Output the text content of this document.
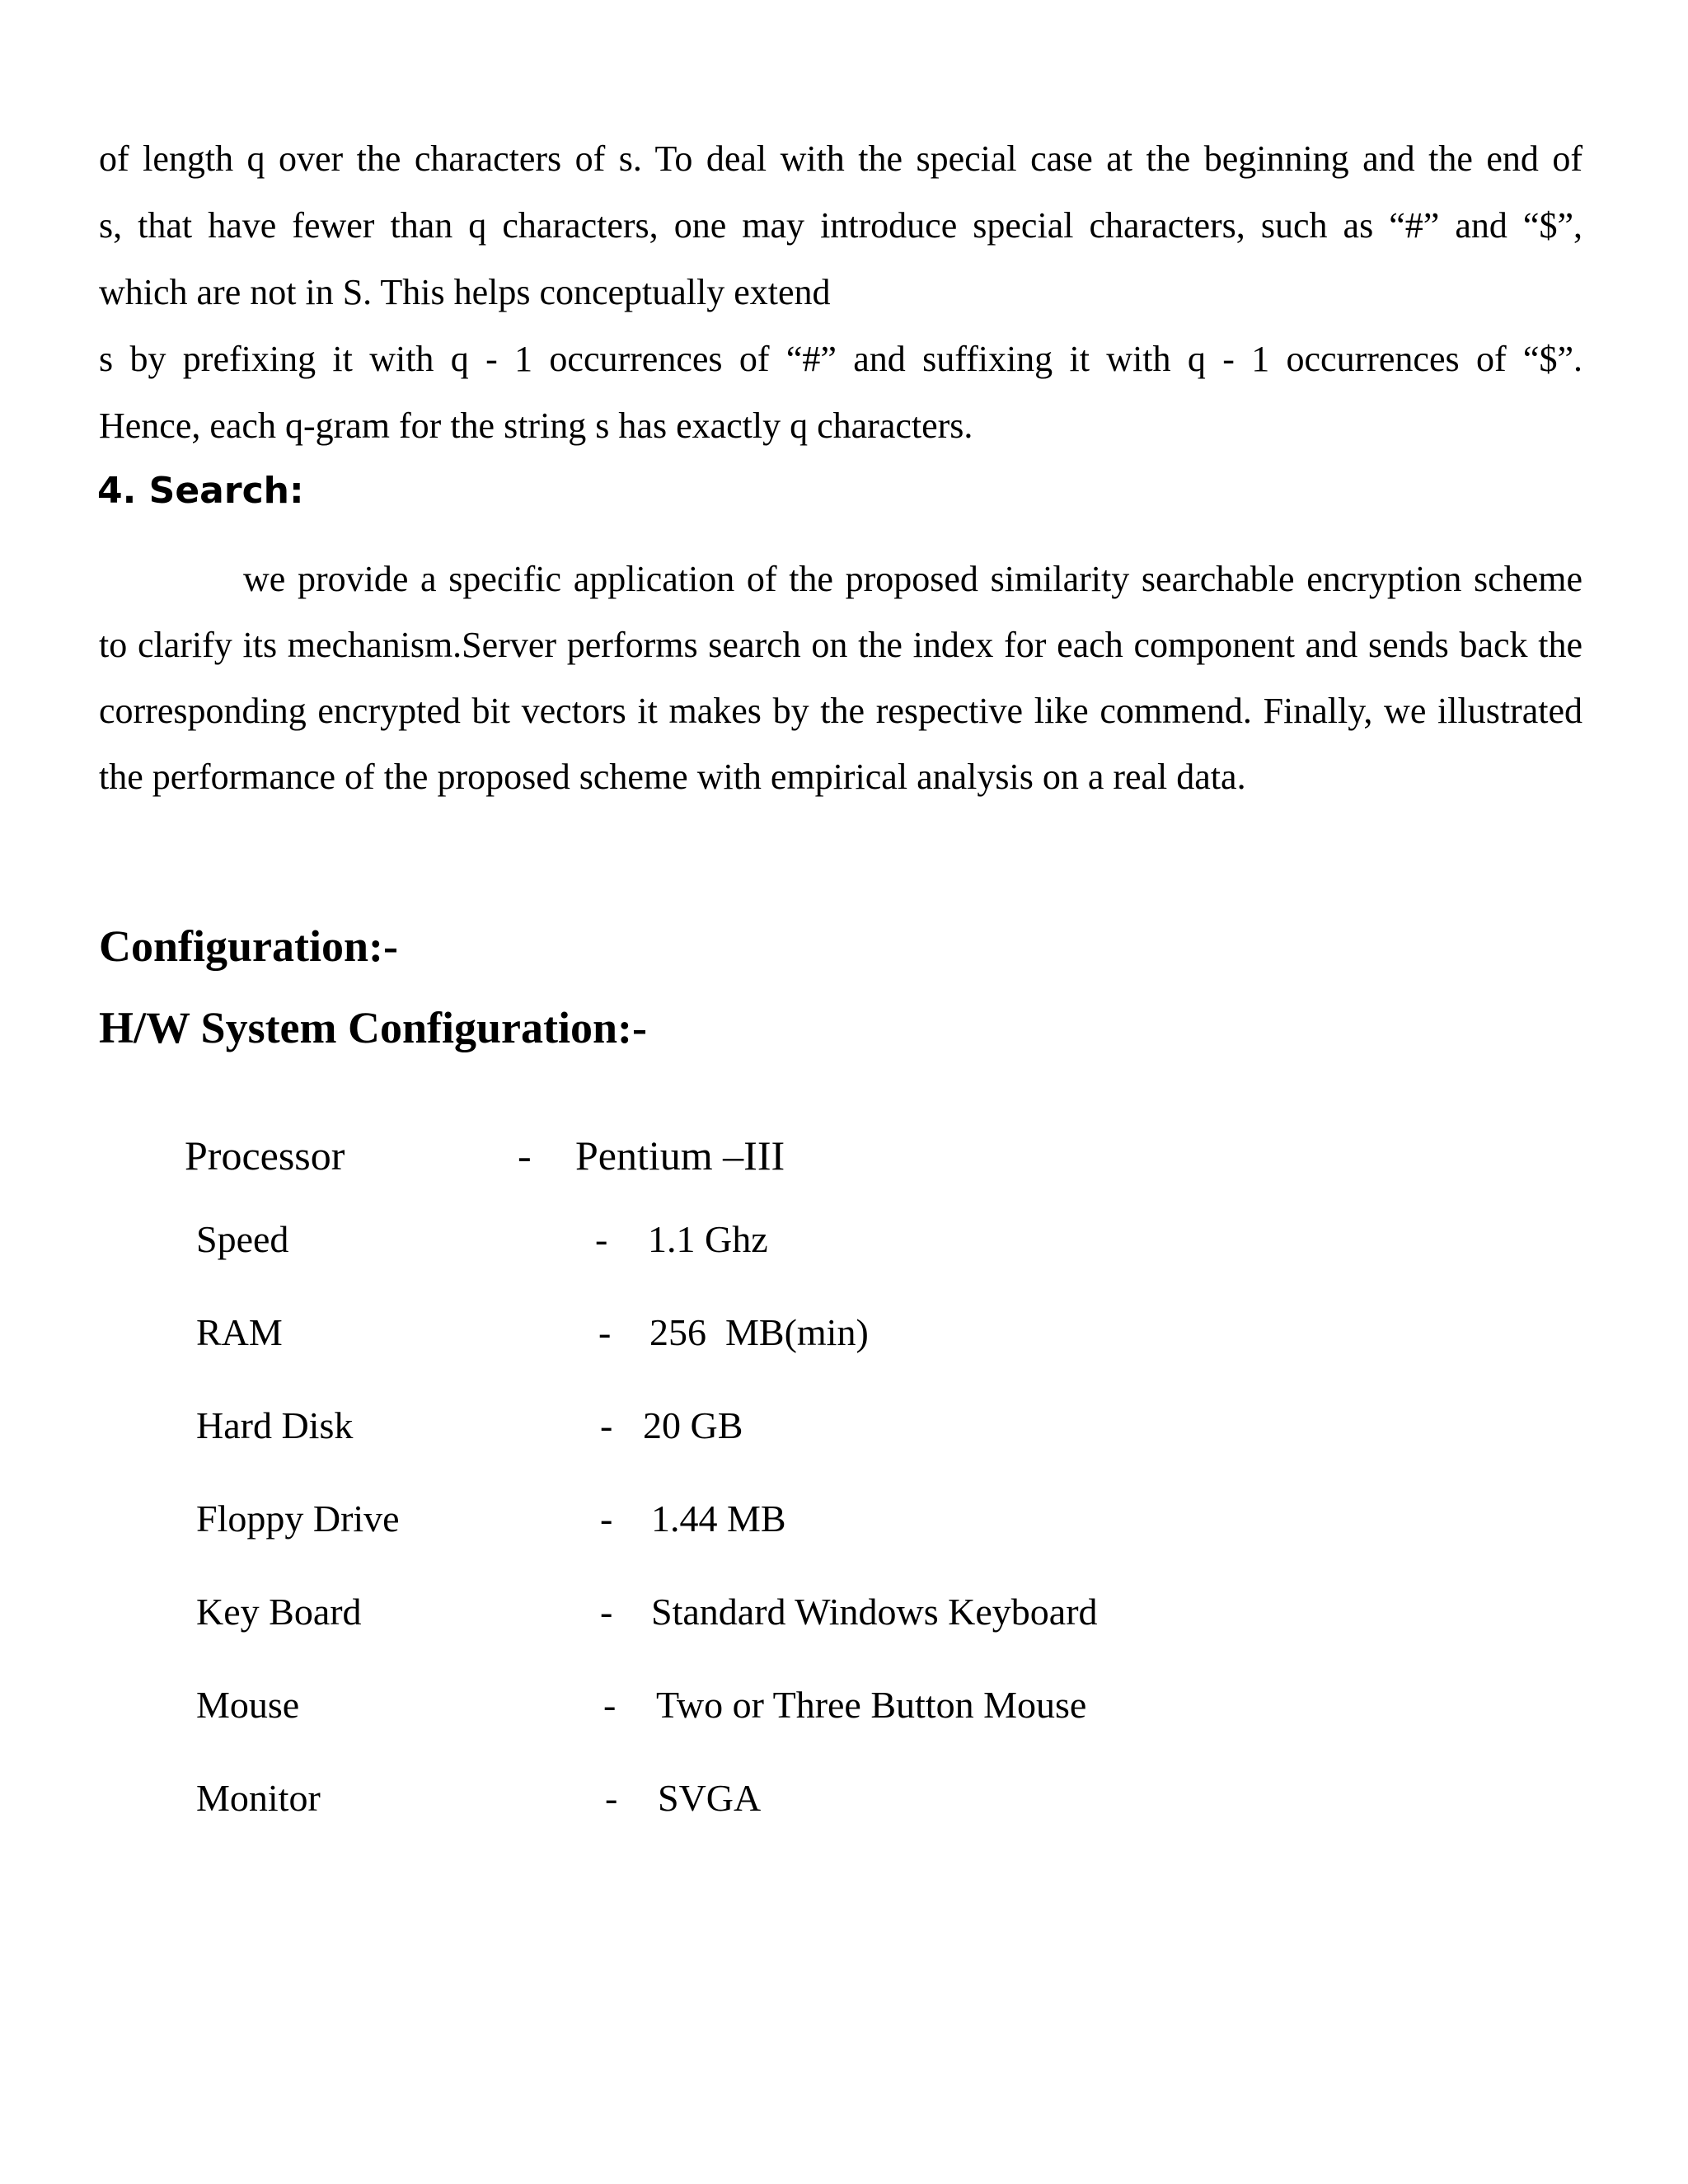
of length q over the characters of s. To deal with the special case at the beginning and the end of

s, that have fewer than q characters, one may introduce special characters, such as “#” and “$”,

which are not in S. This helps conceptually extend

s by prefixing it with q - 1 occurrences of “#” and suffixing it with q - 1 occurrences of “$”.

Hence, each q-gram for the string s has exactly q characters.

4. Search:

we provide a specific application of the proposed similarity searchable encryption scheme to clarify its mechanism.Server performs search on the index for each component and sends back the corresponding encrypted bit vectors it makes by the respective like commend. Finally, we illustrated the performance of the proposed scheme with empirical analysis on a real data.

Configuration:-
H/W System Configuration:-
Processor	- Pentium –III
Speed	- 1.1 Ghz
RAM	- 256  MB(min)
Hard Disk	- 20 GB
Floppy Drive	- 1.44 MB
Key Board	- Standard Windows Keyboard
Mouse	- Two or Three Button Mouse
Monitor	- SVGA
